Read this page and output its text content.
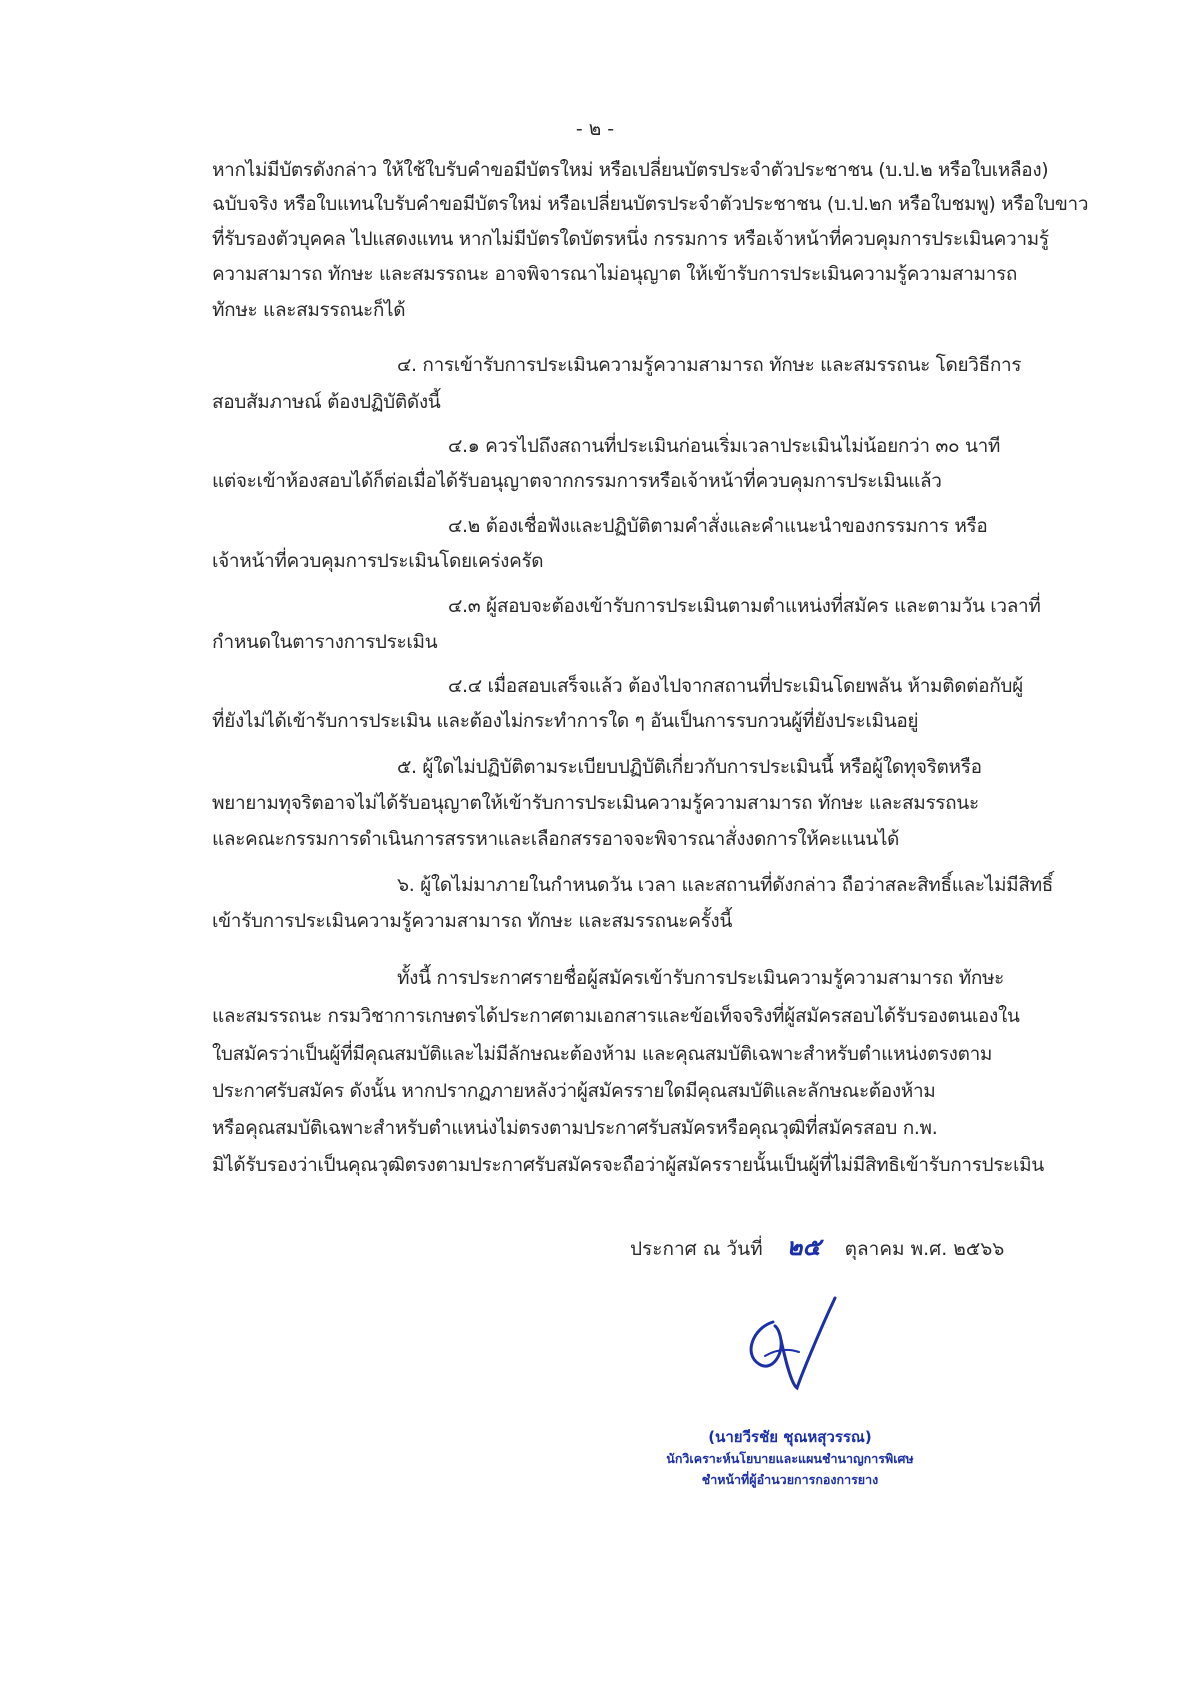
- ๒ -
หากไม่มีบัตรดังกล่าว ให้ใช้ใบรับคำขอมีบัตรใหม่ หรือเปลี่ยนบัตรประจำตัวประชาชน (บ.ป.๒ หรือใบเหลือง)
ฉบับจริง หรือใบแทนใบรับคำขอมีบัตรใหม่ หรือเปลี่ยนบัตรประจำตัวประชาชน (บ.ป.๒ก หรือใบชมพู) หรือใบขาว
ที่รับรองตัวบุคคล ไปแสดงแทน หากไม่มีบัตรใดบัตรหนึ่ง กรรมการ หรือเจ้าหน้าที่ควบคุมการประเมินความรู้
ความสามารถ ทักษะ และสมรรถนะ อาจพิจารณาไม่อนุญาต ให้เข้ารับการประเมินความรู้ความสามารถ
ทักษะ และสมรรถนะก็ได้
๔. การเข้ารับการประเมินความรู้ความสามารถ ทักษะ และสมรรถนะ โดยวิธีการ
สอบสัมภาษณ์ ต้องปฏิบัติดังนี้
๔.๑ ควรไปถึงสถานที่ประเมินก่อนเริ่มเวลาประเมินไม่น้อยกว่า ๓๐ นาที
แต่จะเข้าห้องสอบได้ก็ต่อเมื่อได้รับอนุญาตจากกรรมการหรือเจ้าหน้าที่ควบคุมการประเมินแล้ว
๔.๒ ต้องเชื่อฟังและปฏิบัติตามคำสั่งและคำแนะนำของกรรมการ หรือ
เจ้าหน้าที่ควบคุมการประเมินโดยเคร่งครัด
๔.๓ ผู้สอบจะต้องเข้ารับการประเมินตามตำแหน่งที่สมัคร และตามวัน เวลาที่
กำหนดในตารางการประเมิน
๔.๔ เมื่อสอบเสร็จแล้ว ต้องไปจากสถานที่ประเมินโดยพลัน ห้ามติดต่อกับผู้
ที่ยังไม่ได้เข้ารับการประเมิน และต้องไม่กระทำการใด ๆ อันเป็นการรบกวนผู้ที่ยังประเมินอยู่
๕. ผู้ใดไม่ปฏิบัติตามระเบียบปฏิบัติเกี่ยวกับการประเมินนี้ หรือผู้ใดทุจริตหรือ
พยายามทุจริตอาจไม่ได้รับอนุญาตให้เข้ารับการประเมินความรู้ความสามารถ ทักษะ และสมรรถนะ
และคณะกรรมการดำเนินการสรรหาและเลือกสรรอาจจะพิจารณาสั่งงดการให้คะแนนได้
๖. ผู้ใดไม่มาภายในกำหนดวัน เวลา และสถานที่ดังกล่าว ถือว่าสละสิทธิ์และไม่มีสิทธิ์
เข้ารับการประเมินความรู้ความสามารถ ทักษะ และสมรรถนะครั้งนี้
ทั้งนี้ การประกาศรายชื่อผู้สมัครเข้ารับการประเมินความรู้ความสามารถ ทักษะ
และสมรรถนะ กรมวิชาการเกษตรได้ประกาศตามเอกสารและข้อเท็จจริงที่ผู้สมัครสอบได้รับรองตนเองใน
ใบสมัครว่าเป็นผู้ที่มีคุณสมบัติและไม่มีลักษณะต้องห้าม และคุณสมบัติเฉพาะสำหรับตำแหน่งตรงตาม
ประกาศรับสมัคร ดังนั้น หากปรากฏภายหลังว่าผู้สมัครรายใดมีคุณสมบัติและลักษณะต้องห้าม
หรือคุณสมบัติเฉพาะสำหรับตำแหน่งไม่ตรงตามประกาศรับสมัครหรือคุณวุฒิที่สมัครสอบ ก.พ.
มิได้รับรองว่าเป็นคุณวุฒิตรงตามประกาศรับสมัครจะถือว่าผู้สมัครรายนั้นเป็นผู้ที่ไม่มีสิทธิเข้ารับการประเมิน
ประกาศ ณ วันที่ ๒๕ ตุลาคม พ.ศ. ๒๕๖๖
(นายวีรชัย ชุณหสุวรรณ)
นักวิเคราะห์นโยบายและแผนชำนาญการพิเศษ
ชำหน้าที่ผู้อำนวยการกองการยาง
